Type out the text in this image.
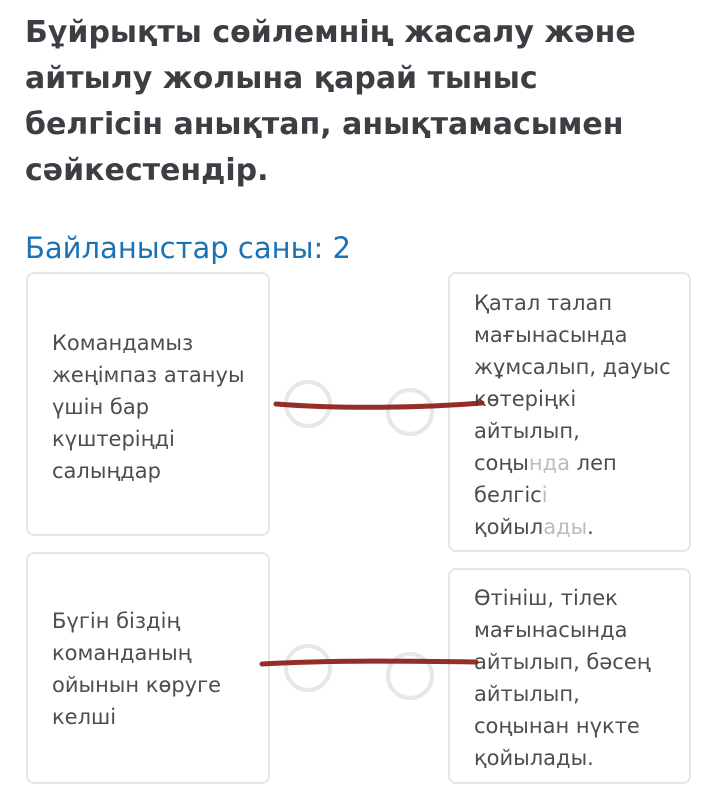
Бұйрықты сөйлемнің жасалу және айтылу жолына қарай тыныс белгісін анықтап, анықтамасымен сәйкестендір.
Байланыстар саны: 2
Командамыз
жеңімпаз атануы
үшін бар
күштеріңді
салыңдар
Бүгін біздің
команданың
ойынын көруге
келші
Қатал талап
мағынасында
жұмсалып, дауыс
көтеріңкі
айтылып,
соңында леп
белгісі
қойылады.
Өтініш, тілек
мағынасында
айтылып, бәсең
айтылып,
соңынан нүкте
қойылады.
